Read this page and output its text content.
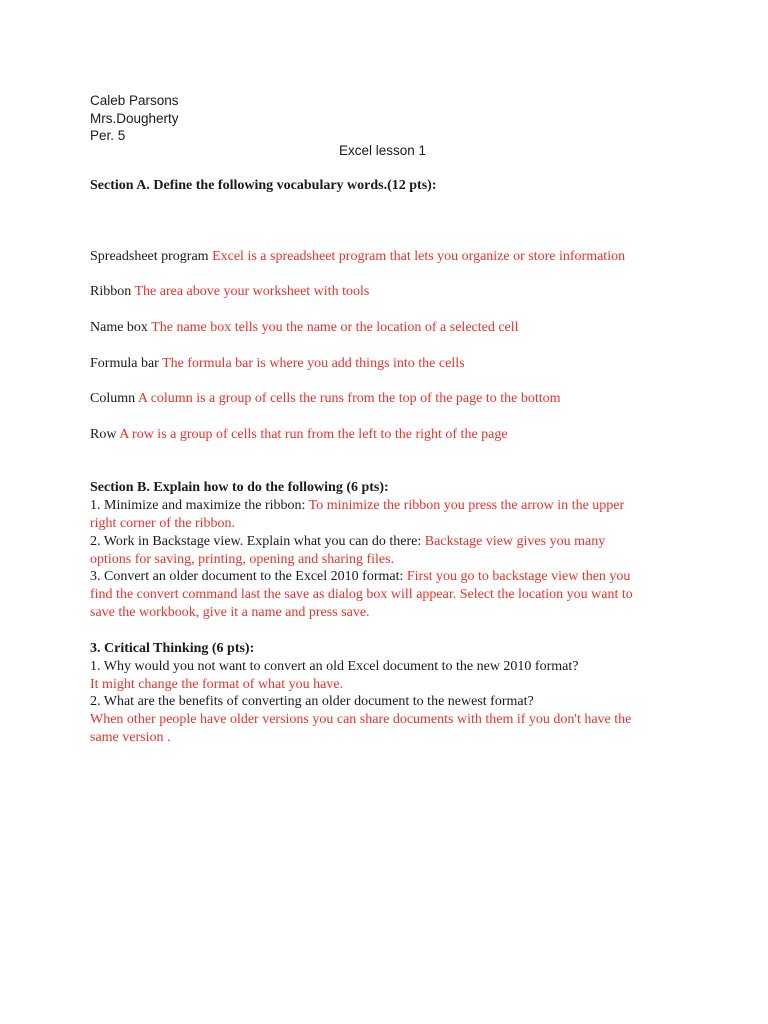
Caleb Parsons
Mrs.Dougherty
Per. 5
Excel lesson 1
Section A. Define the following vocabulary words.(12 pts):
Spreadsheet program Excel is a spreadsheet program that lets you organize or store information
Ribbon The area above your worksheet with tools
Name box The name box tells you the name or the location of a selected cell
Formula bar The formula bar is where you add things into the cells
Column A column is a group of cells the runs from the top of the page to the bottom
Row A row is a group of cells that run from the left to the right of the page
Section B. Explain how to do the following (6 pts):
1. Minimize and maximize the ribbon: To minimize the ribbon you press the arrow in the upper
right corner of the ribbon.
2. Work in Backstage view. Explain what you can do there: Backstage view gives you many
options for saving, printing, opening and sharing files.
3. Convert an older document to the Excel 2010 format: First you go to backstage view then you
find the convert command last the save as dialog box will appear. Select the location you want to
save the workbook, give it a name and press save.
3. Critical Thinking (6 pts):
1. Why would you not want to convert an old Excel document to the new 2010 format?
It might change the format of what you have.
2. What are the benefits of converting an older document to the newest format?
When other people have older versions you can share documents with them if you don't have the
same version .
